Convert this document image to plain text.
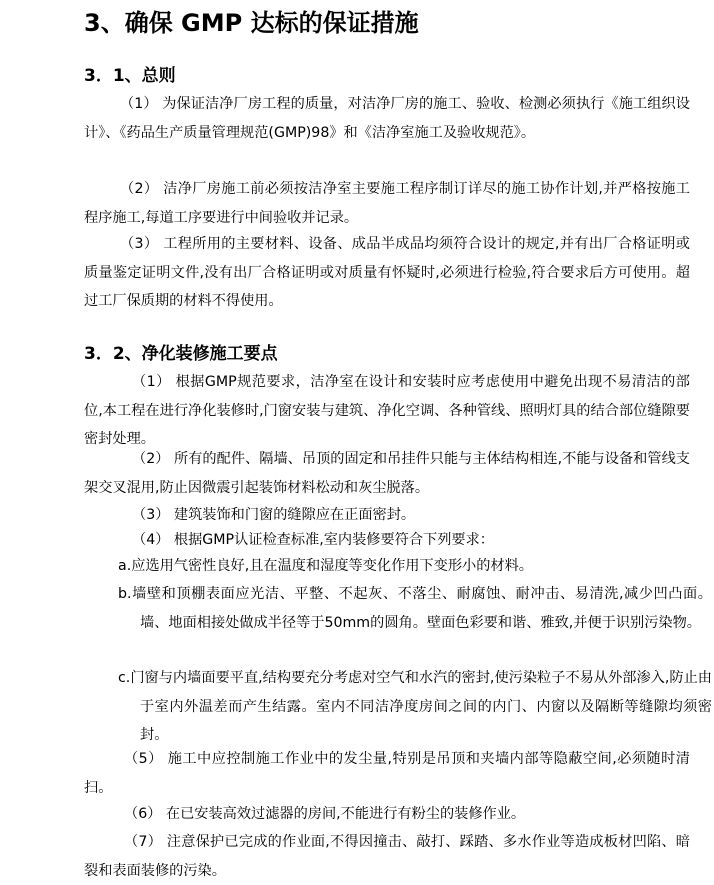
3、确保 GMP 达标的保证措施
3．1、总则

（1） 为保证洁净厂房工程的质量，对洁净厂房的施工、验收、检测必须执行《施工组织设计》、《药品生产质量管理规范(GMP)98》和《洁净室施工及验收规范》。

（2） 洁净厂房施工前必须按洁净室主要施工程序制订详尽的施工协作计划,并严格按施工程序施工,每道工序要进行中间验收并记录。

（3） 工程所用的主要材料、设备、成品半成品均须符合设计的规定,并有出厂合格证明或质量鉴定证明文件,没有出厂合格证明或对质量有怀疑时,必须进行检验,符合要求后方可使用。超过工厂保质期的材料不得使用。

3．2、净化装修施工要点

（1） 根据GMP规范要求，洁净室在设计和安装时应考虑使用中避免出现不易清洁的部位,本工程在进行净化装修时,门窗安装与建筑、净化空调、各种管线、照明灯具的结合部位缝隙要密封处理。

（2） 所有的配件、隔墙、吊顶的固定和吊挂件只能与主体结构相连,不能与设备和管线支架交叉混用,防止因微震引起装饰材料松动和灰尘脱落。

（3） 建筑装饰和门窗的缝隙应在正面密封。

（4） 根据GMP认证检查标准,室内装修要符合下列要求：

a.应选用气密性良好,且在温度和湿度等变化作用下变形小的材料。

b.墙壁和顶棚表面应光洁、平整、不起灰、不落尘、耐腐蚀、耐冲击、易清洗,减少凹凸面。墙、地面相接处做成半径等于50mm的圆角。壁面色彩要和谐、雅致,并便于识别污染物。

c.门窗与内墙面要平直,结构要充分考虑对空气和水汽的密封,使污染粒子不易从外部渗入,防止由于室内外温差而产生结露。室内不同洁净度房间之间的内门、内窗以及隔断等缝隙均须密封。

（5） 施工中应控制施工作业中的发尘量,特别是吊顶和夹墙内部等隐蔽空间,必须随时清扫。

（6） 在已安装高效过滤器的房间,不能进行有粉尘的装修作业。

（7） 注意保护已完成的作业面,不得因撞击、敲打、踩踏、多水作业等造成板材凹陷、暗裂和表面装修的污染。
